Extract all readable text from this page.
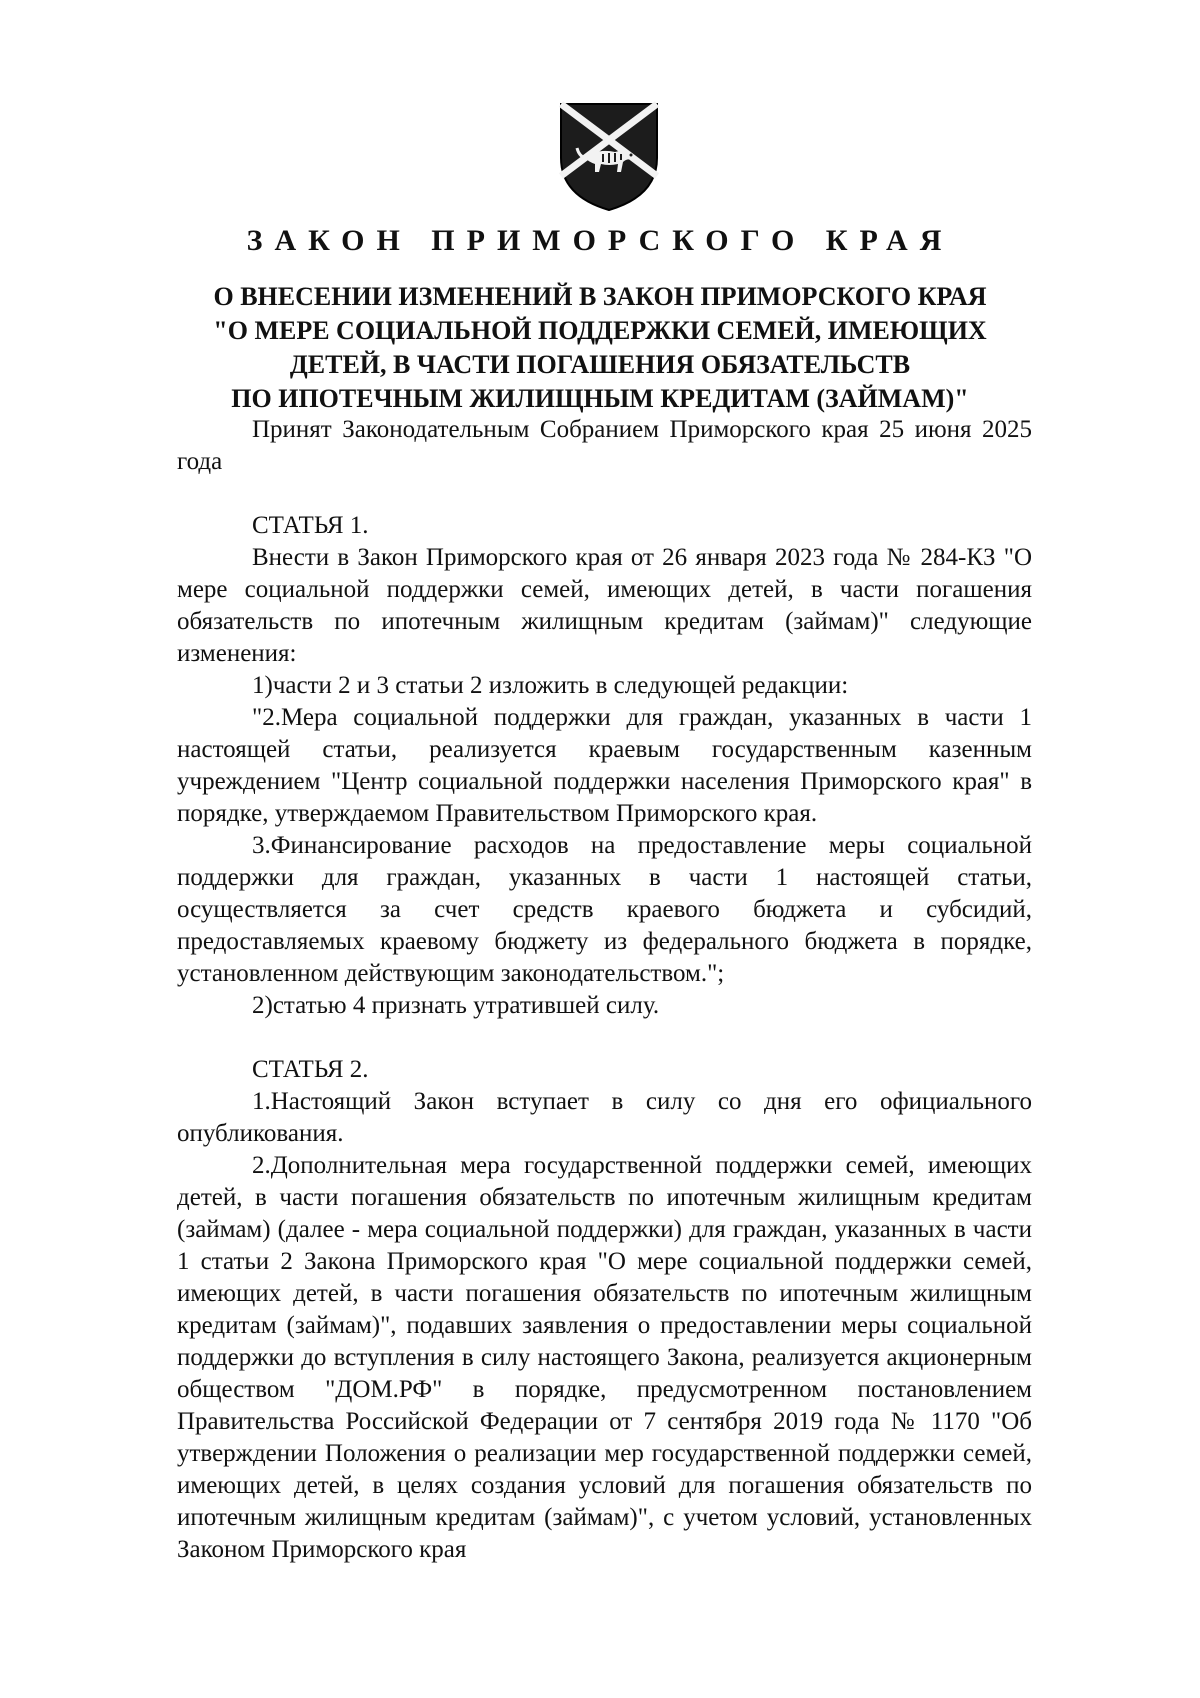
ЗАКОН ПРИМОРСКОГО КРАЯ
О ВНЕСЕНИИ ИЗМЕНЕНИЙ В ЗАКОН ПРИМОРСКОГО КРАЯ
"О МЕРЕ СОЦИАЛЬНОЙ ПОДДЕРЖКИ СЕМЕЙ, ИМЕЮЩИХ
ДЕТЕЙ, В ЧАСТИ ПОГАШЕНИЯ ОБЯЗАТЕЛЬСТВ
ПО ИПОТЕЧНЫМ ЖИЛИЩНЫМ КРЕДИТАМ (ЗАЙМАМ)"

Принят Законодательным Собранием Приморского края 25 июня 2025 года

СТАТЬЯ 1.

Внести в Закон Приморского края от 26 января 2023 года № 284-КЗ "О мере социальной поддержки семей, имеющих детей, в части погашения обязательств по ипотечным жилищным кредитам (займам)" следующие изменения:

1)части 2 и 3 статьи 2 изложить в следующей редакции:

"2.Мера социальной поддержки для граждан, указанных в части 1 настоящей статьи, реализуется краевым государственным казенным учреждением "Центр социальной поддержки населения Приморского края" в порядке, утверждаемом Правительством Приморского края.

3.Финансирование расходов на предоставление меры социальной поддержки для граждан, указанных в части 1 настоящей статьи, осуществляется за счет средств краевого бюджета и субсидий, предоставляемых краевому бюджету из федерального бюджета в порядке, установленном действующим законодательством.";

2)статью 4 признать утратившей силу.

СТАТЬЯ 2.

1.Настоящий Закон вступает в силу со дня его официального опубликования.

2.Дополнительная мера государственной поддержки семей, имеющих детей, в части погашения обязательств по ипотечным жилищным кредитам (займам) (далее - мера социальной поддержки) для граждан, указанных в части 1 статьи 2 Закона Приморского края "О мере социальной поддержки семей, имеющих детей, в части погашения обязательств по ипотечным жилищным кредитам (займам)", подавших заявления о предоставлении меры социальной поддержки до вступления в силу настоящего Закона, реализуется акционерным обществом "ДОМ.РФ" в порядке, предусмотренном постановлением Правительства Российской Федерации от 7 сентября 2019 года № 1170 "Об утверждении Положения о реализации мер государственной поддержки семей, имеющих детей, в целях создания условий для погашения обязательств по ипотечным жилищным кредитам (займам)", с учетом условий, установленных Законом Приморского края
